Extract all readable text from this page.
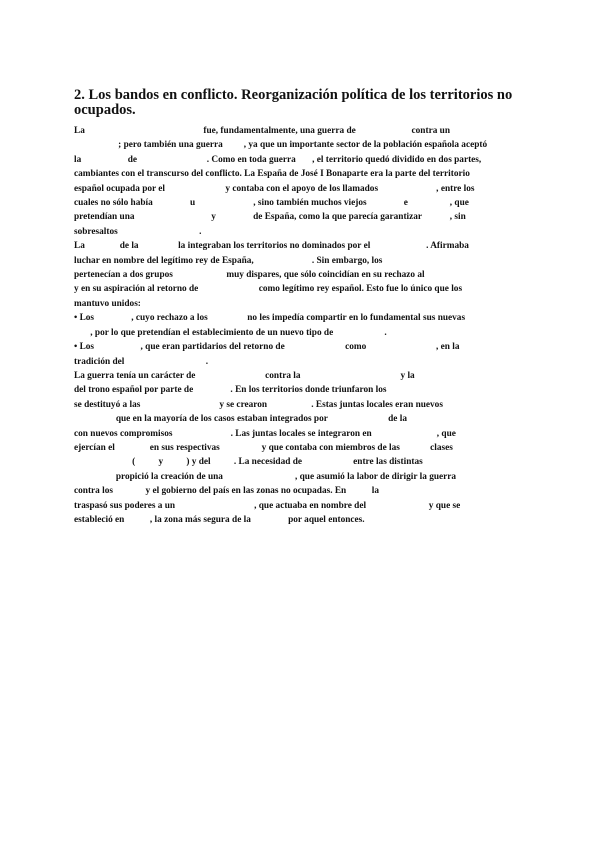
2. Los bandos en conflicto. Reorganización política de los territorios no
ocupados.
La                                                   fue, fundamentalmente, una guerra de                        contra un
; pero también una guerra         , ya que un importante sector de la población española aceptó
la                    de                              . Como en toda guerra       , el territorio quedó dividido en dos partes,
cambiantes con el transcurso del conflicto. La España de José I Bonaparte era la parte del territorio
español ocupada por el                          y contaba con el apoyo de los llamados                         , entre los
cuales no sólo había                u                         , sino también muchos viejos                e                  , que
pretendían una                                 y                de España, como la que parecía garantizar            , sin
sobresaltos                                   .
La               de la                 la integraban los territorios no dominados por el                        . Afirmaba
luchar en nombre del legítimo rey de España,                         . Sin embargo, los
pertenecían a dos grupos                       muy dispares, que sólo coincidían en su rechazo al
y en su aspiración al retorno de                          como legítimo rey español. Esto fue lo único que los
mantuvo unidos:
• Los                , cuyo rechazo a los                 no les impedía compartir en lo fundamental sus nuevas
, por lo que pretendían el establecimiento de un nuevo tipo de                      .
• Los                    , que eran partidarios del retorno de                          como                              , en la
tradición del                                   .
La guerra tenía un carácter de                              contra la                                           y la
del trono español por parte de                . En los territorios donde triunfaron los
se destituyó a las                                  y se crearon                   . Estas juntas locales eran nuevos
que en la mayoría de los casos estaban integrados por                          de la
con nuevos compromisos                         . Las juntas locales se integraron en                            , que
ejercían el               en sus respectivas                  y que contaba con miembros de las             clases
(          y          ) y del          . La necesidad de                      entre las distintas
propició la creación de una                               , que asumió la labor de dirigir la guerra
contra los              y el gobierno del país en las zonas no ocupadas. En           la
traspasó sus poderes a un                                  , que actuaba en nombre del                           y que se
estableció en           , la zona más segura de la                por aquel entonces.
